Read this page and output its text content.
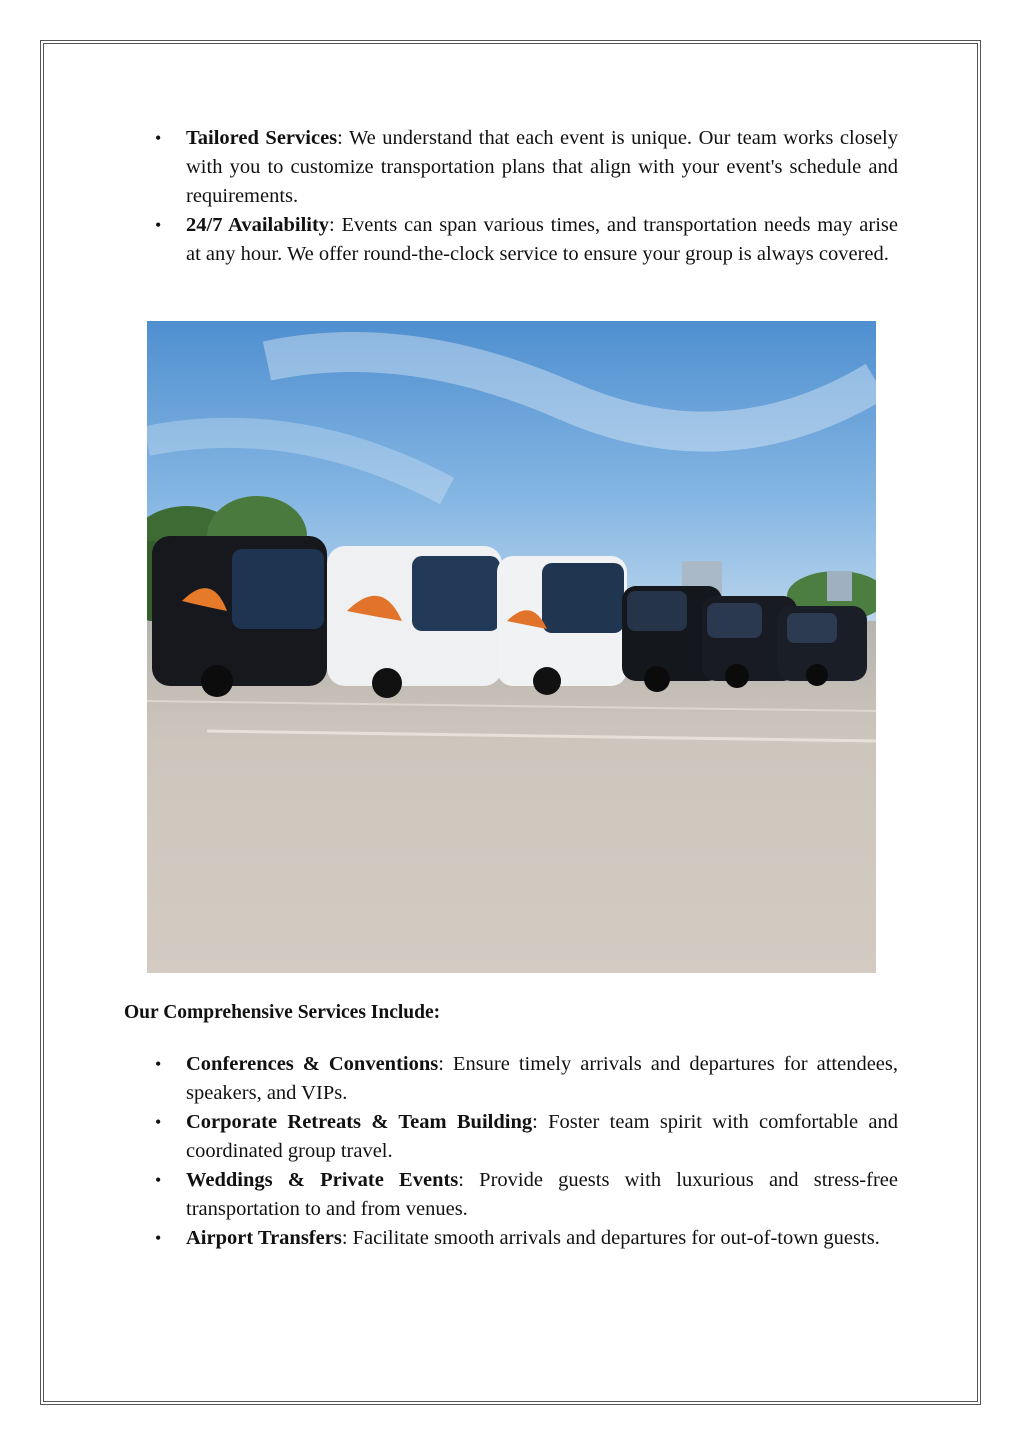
• Tailored Services: We understand that each event is unique. Our team works closely with you to customize transportation plans that align with your event's schedule and requirements.
• 24/7 Availability: Events can span various times, and transportation needs may arise at any hour. We offer round-the-clock service to ensure your group is always covered.
Our Comprehensive Services Include:
• Conferences & Conventions: Ensure timely arrivals and departures for attendees, speakers, and VIPs.
• Corporate Retreats & Team Building: Foster team spirit with comfortable and coordinated group travel.
• Weddings & Private Events: Provide guests with luxurious and stress-free transportation to and from venues.
• Airport Transfers: Facilitate smooth arrivals and departures for out-of-town guests.
